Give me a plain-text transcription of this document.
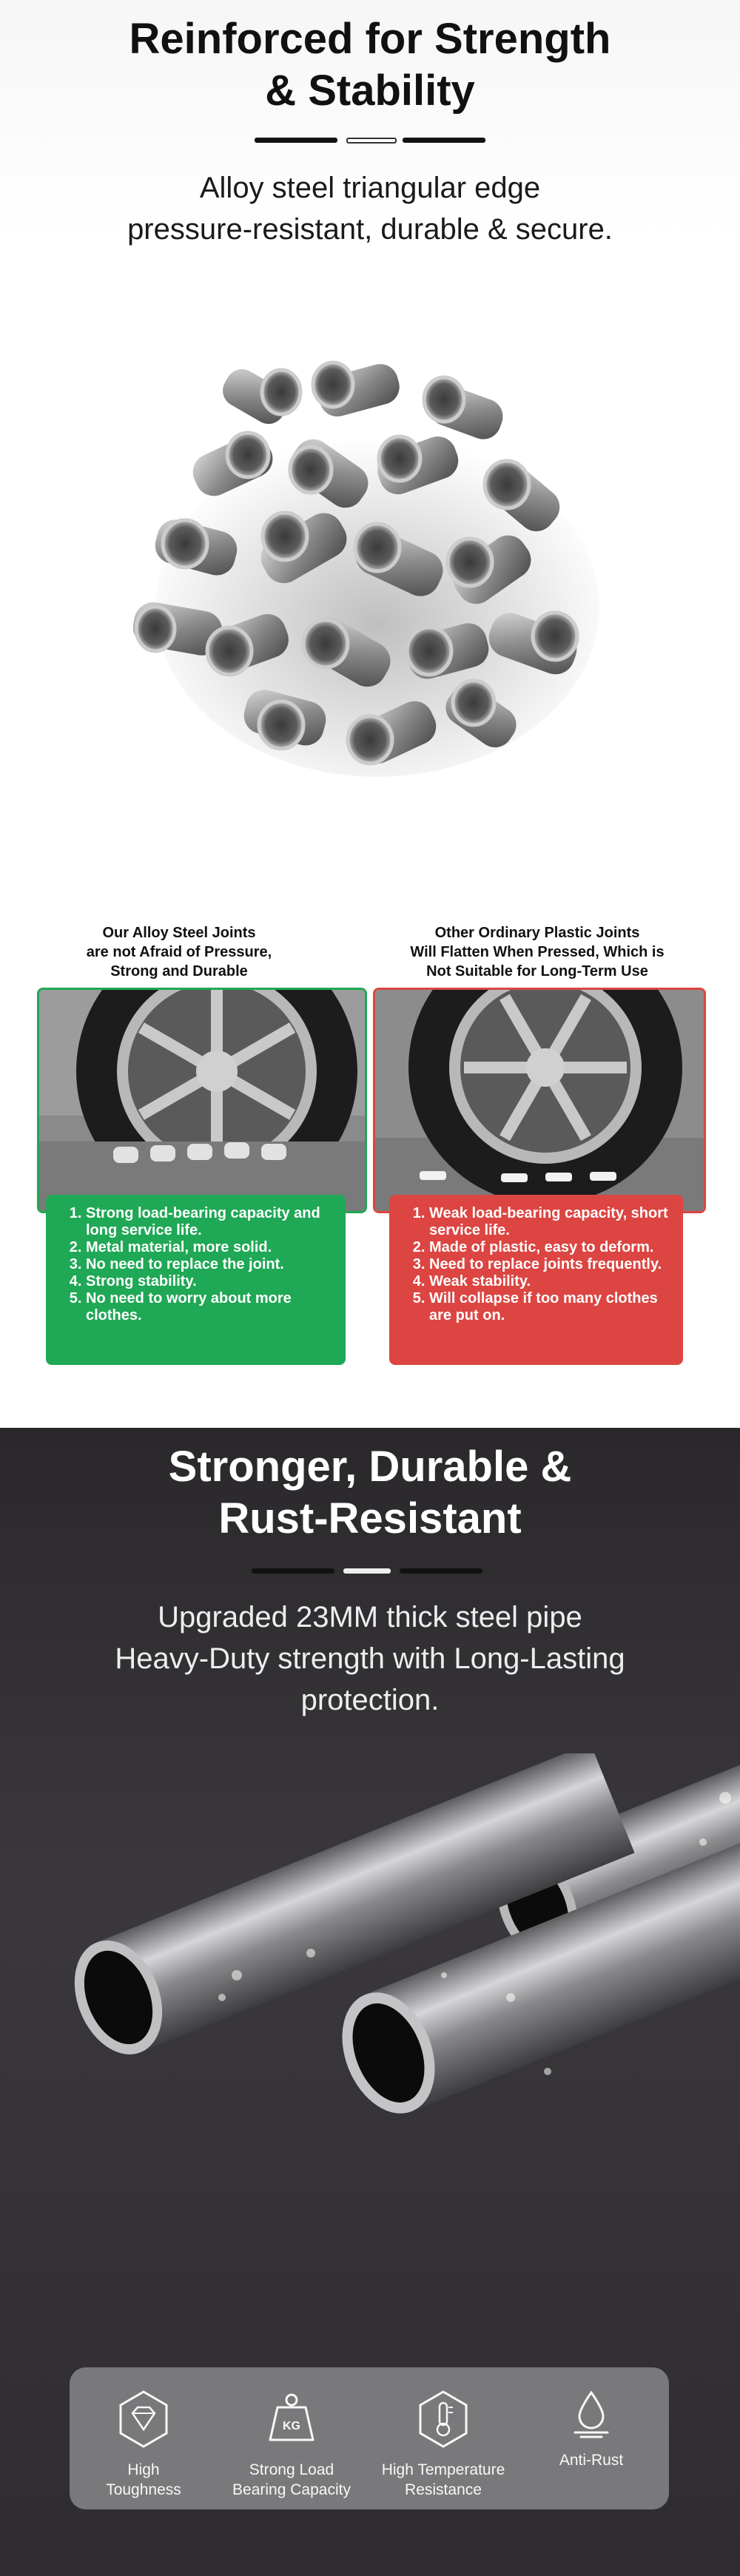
Reinforced for Strength
& Stability
Alloy steel triangular edge
pressure-resistant, durable & secure.
Our Alloy Steel Joints
are not Afraid of Pressure,
Strong and Durable
Other Ordinary Plastic Joints
Will Flatten When Pressed, Which is
Not Suitable for Long-Term Use
1. Strong load-bearing capacity and long service life.
2. Metal material, more solid.
3. No need to replace the joint.
4. Strong stability.
5. No need to worry about more clothes.
1. Weak load-bearing capacity, short service life.
2. Made of plastic, easy to deform.
3. Need to replace joints frequently.
4. Weak stability.
5. Will collapse if too many clothes are put on.
Stronger, Durable &
Rust-Resistant
Upgraded 23MM thick steel pipe
Heavy-Duty strength with Long-Lasting
protection.
High
Toughness
KG
Strong Load
Bearing Capacity
High Temperature
Resistance
Anti-Rust
